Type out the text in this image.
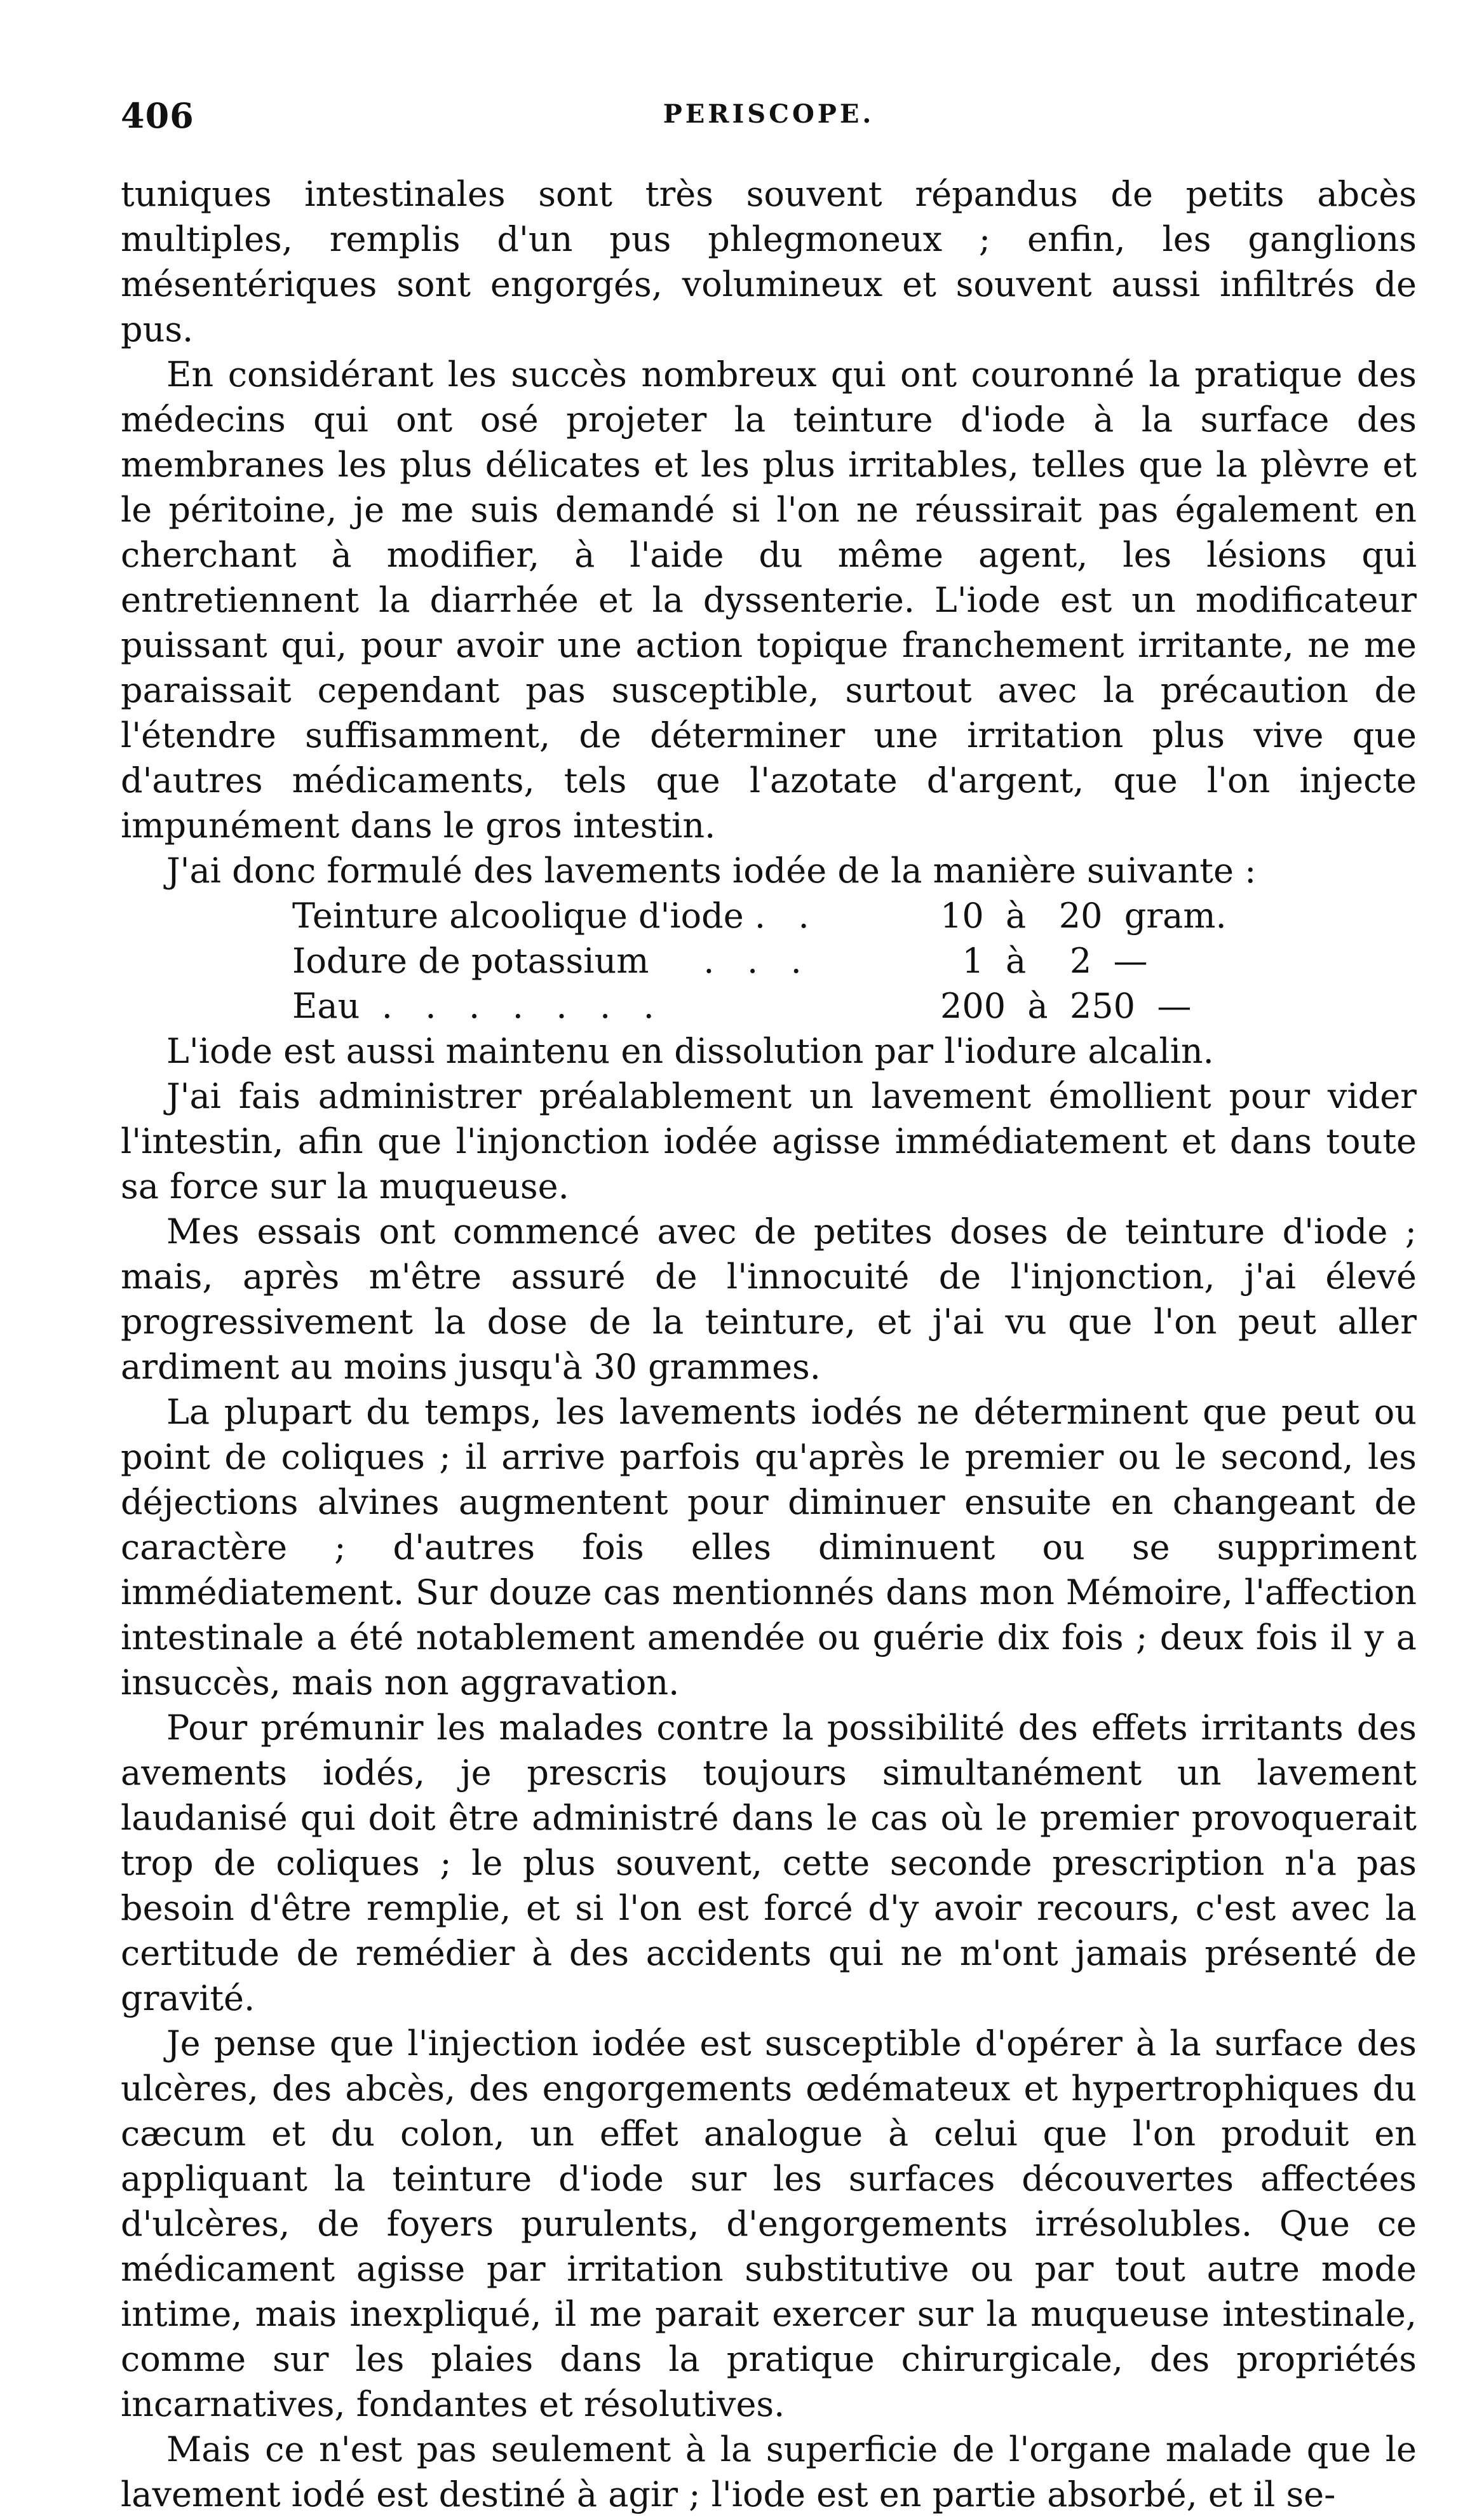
406	PERISCOPE.

tuniques intestinales sont très souvent répandus de petits abcès multiples, remplis d'un pus phlegmoneux ; enfin, les ganglions mésentériques sont engorgés, volumineux et souvent aussi infiltrés de pus.

En considérant les succès nombreux qui ont couronné la pratique des médecins qui ont osé projeter la teinture d'iode à la surface des membranes les plus délicates et les plus irritables, telles que la plèvre et le péritoine, je me suis demandé si l'on ne réussirait pas également en cherchant à modifier, à l'aide du même agent, les lésions qui entretiennent la diarrhée et la dyssenterie. L'iode est un modificateur puissant qui, pour avoir une action topique franchement irritante, ne me paraissait cependant pas susceptible, surtout avec la précaution de l'étendre suffisamment, de déterminer une irritation plus vive que d'autres médicaments, tels que l'azotate d'argent, que l'on injecte impunément dans le gros intestin.

J'ai donc formulé des lavements iodée de la manière suivante :

Teinture alcoolique d'iode .   .	10  à   20  gram.
Iodure de potassium     .   .   .	1  à    2  —
Eau  .   .   .   .   .   .   .	200  à  250  —

L'iode est aussi maintenu en dissolution par l'iodure alcalin.

J'ai fais administrer préalablement un lavement émollient pour vider l'intestin, afin que l'injonction iodée agisse immédiatement et dans toute sa force sur la muqueuse.

Mes essais ont commencé avec de petites doses de teinture d'iode ; mais, après m'être assuré de l'innocuité de l'injonction, j'ai élevé progressivement la dose de la teinture, et j'ai vu que l'on peut aller ardiment au moins jusqu'à 30 grammes.

La plupart du temps, les lavements iodés ne déterminent que peut ou point de coliques ; il arrive parfois qu'après le premier ou le second, les déjections alvines augmentent pour diminuer ensuite en changeant de caractère ; d'autres fois elles diminuent ou se suppriment immédiatement. Sur douze cas mentionnés dans mon Mémoire, l'affection intestinale a été notablement amendée ou guérie dix fois ; deux fois il y a insuccès, mais non aggravation.

Pour prémunir les malades contre la possibilité des effets irritants des avements iodés, je prescris toujours simultanément un lavement laudanisé qui doit être administré dans le cas où le premier provoquerait trop de coliques ; le plus souvent, cette seconde prescription n'a pas besoin d'être remplie, et si l'on est forcé d'y avoir recours, c'est avec la certitude de remédier à des accidents qui ne m'ont jamais présenté de gravité.

Je pense que l'injection iodée est susceptible d'opérer à la surface des ulcères, des abcès, des engorgements œdémateux et hypertrophiques du cæcum et du colon, un effet analogue à celui que l'on produit en appliquant la teinture d'iode sur les surfaces découvertes affectées d'ulcères, de foyers purulents, d'engorgements irrésolubles. Que ce médicament agisse par irritation substitutive ou par tout autre mode intime, mais inexpliqué, il me parait exercer sur la muqueuse intestinale, comme sur les plaies dans la pratique chirurgicale, des propriétés incarnatives, fondantes et résolutives.

Mais ce n'est pas seulement à la superficie de l'organe malade que le lavement iodé est destiné à agir ; l'iode est en partie absorbé, et il se-
